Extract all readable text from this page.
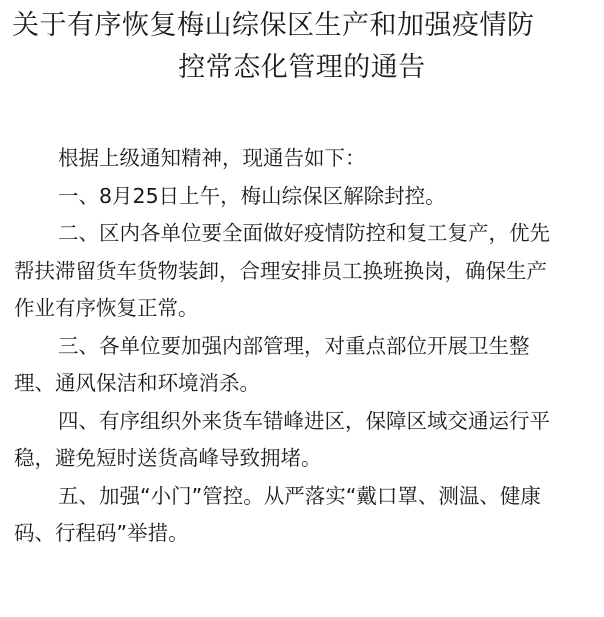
关于有序恢复梅山综保区生产和加强疫情防
控常态化管理的通告
根据上级通知精神，现通告如下：
一、8月25日上午，梅山综保区解除封控。
二、区内各单位要全面做好疫情防控和复工复产，优先
帮扶滞留货车货物装卸，合理安排员工换班换岗，确保生产
作业有序恢复正常。
三、各单位要加强内部管理，对重点部位开展卫生整
理、通风保洁和环境消杀。
四、有序组织外来货车错峰进区，保障区域交通运行平
稳，避免短时送货高峰导致拥堵。
五、加强“小门”管控。从严落实“戴口罩、测温、健康
码、行程码”举措。
